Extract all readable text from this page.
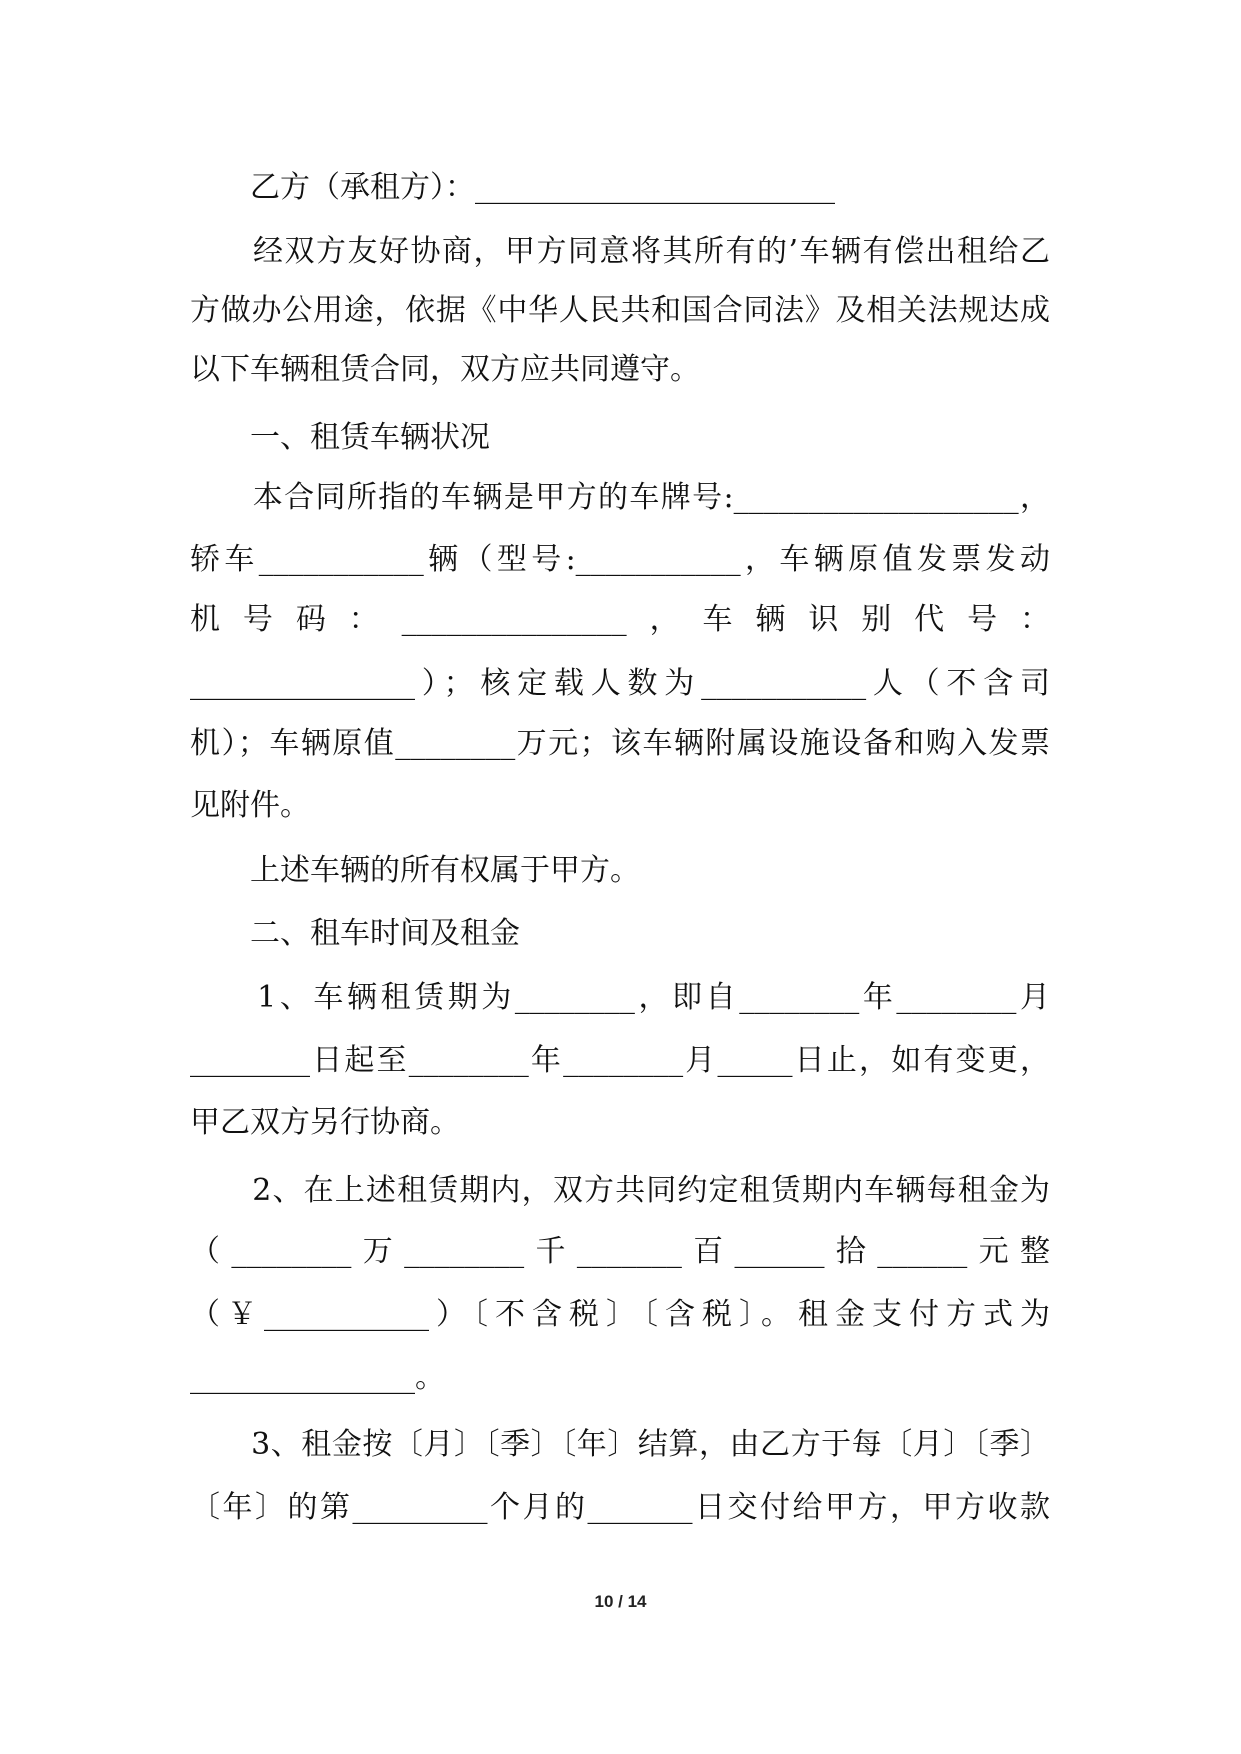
　　乙方（承租方）：________________________
　　经双方友好协商，甲方同意将其所有的’车辆有偿出租给乙
方做办公用途，依据《中华人民共和国合同法》及相关法规达成
以下车辆租赁合同，双方应共同遵守。
　　一、租赁车辆状况
　　本合同所指的车辆是甲方的车牌号:___________________，
轿车___________辆（型号:___________，车辆原值发票发动
机号码：_______________，车辆识别代号：
_______________）；核定载人数为___________人（不含司
机）；车辆原值________万元；该车辆附属设施设备和购入发票
见附件。
　　上述车辆的所有权属于甲方。
　　二、租车时间及租金
　　1、车辆租赁期为________，即自________年________月
________日起至________年________月_____日止，如有变更，
甲乙双方另行协商。
　　2、在上述租赁期内，双方共同约定租赁期内车辆每租金为
（________万________千_______百______拾______元整
（￥___________）〔不含税〕〔含税〕。租金支付方式为
_______________。
　　3、租金按〔月〕〔季〕〔年〕结算，由乙方于每〔月〕〔季〕
〔年〕的第_________个月的_______日交付给甲方，甲方收款
10 / 14
